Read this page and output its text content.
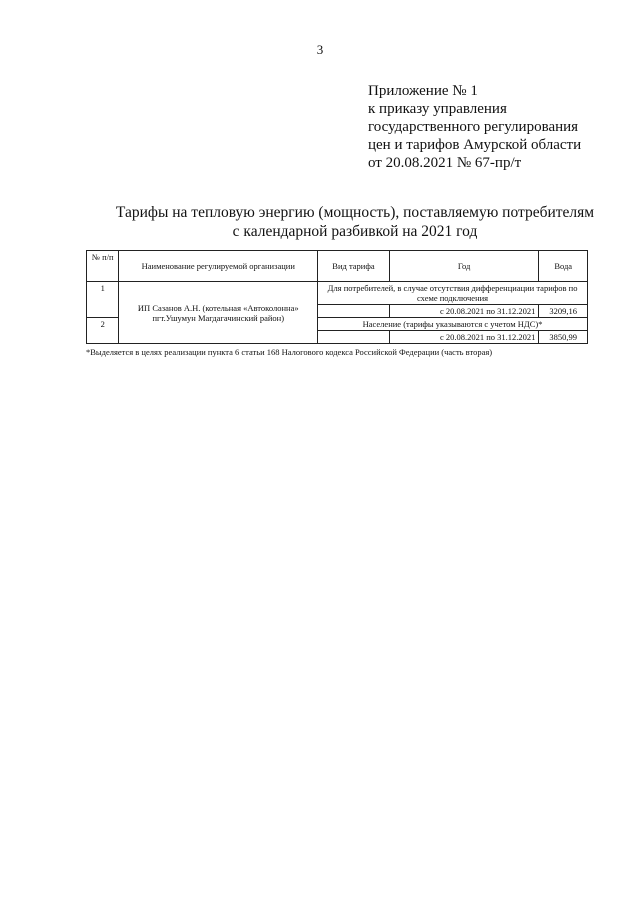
3
Приложение № 1
к приказу управления
государственного регулирования
цен и тарифов Амурской области
от 20.08.2021 № 67-пр/т
Тарифы на тепловую энергию (мощность), поставляемую потребителям
с календарной разбивкой на 2021 год
№ п/п	Наименование регулируемой организации	Вид тарифа	Год	Вода
1	ИП Сазанов А.Н. (котельная «Автоколонна» пгт.Ушумун Магдагачинский район)	Для потребителей, в случае отсутствия дифференциации тарифов по схеме подключения		

			с 20.08.2021 по 31.12.2021	3209,16
2		Население (тарифы указываются с учетом НДС)*		
			с 20.08.2021 по 31.12.2021	3850,99
*Выделяется в целях реализации пункта 6 статьи 168 Налогового кодекса Российской Федерации (часть вторая)
